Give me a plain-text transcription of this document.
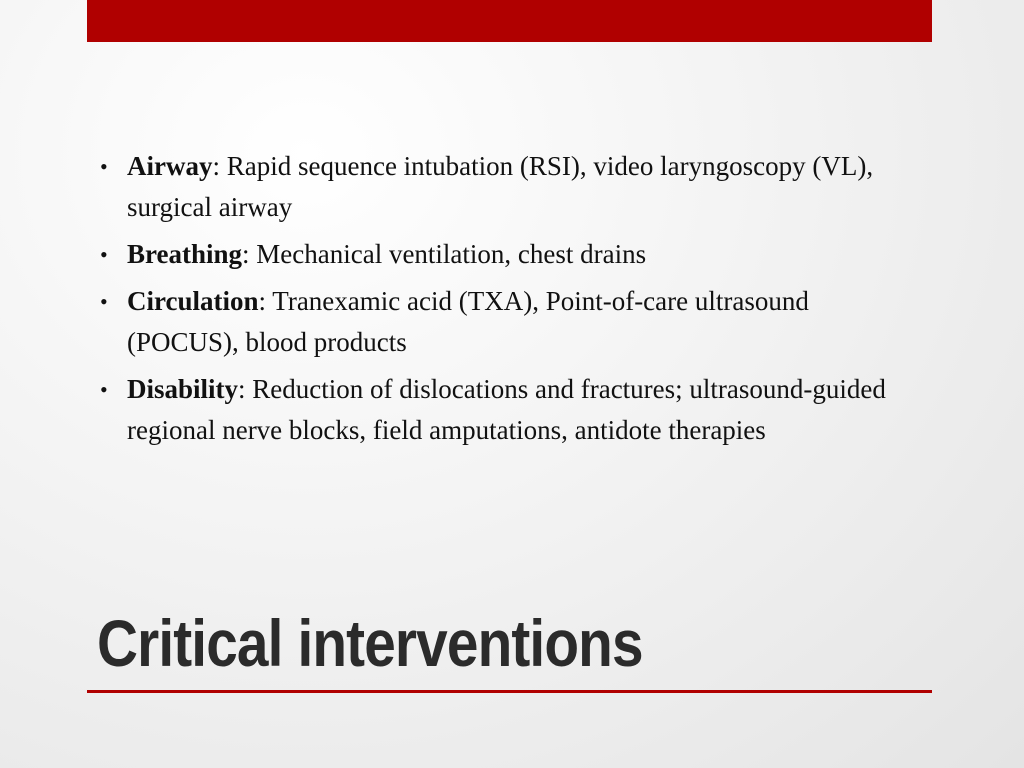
• Airway: Rapid sequence intubation (RSI), video laryngoscopy (VL), surgical airway
• Breathing: Mechanical ventilation, chest drains
• Circulation: Tranexamic acid (TXA), Point-of-care ultrasound (POCUS), blood products
• Disability: Reduction of dislocations and fractures; ultrasound-guided regional nerve blocks, field amputations, antidote therapies
Critical interventions
